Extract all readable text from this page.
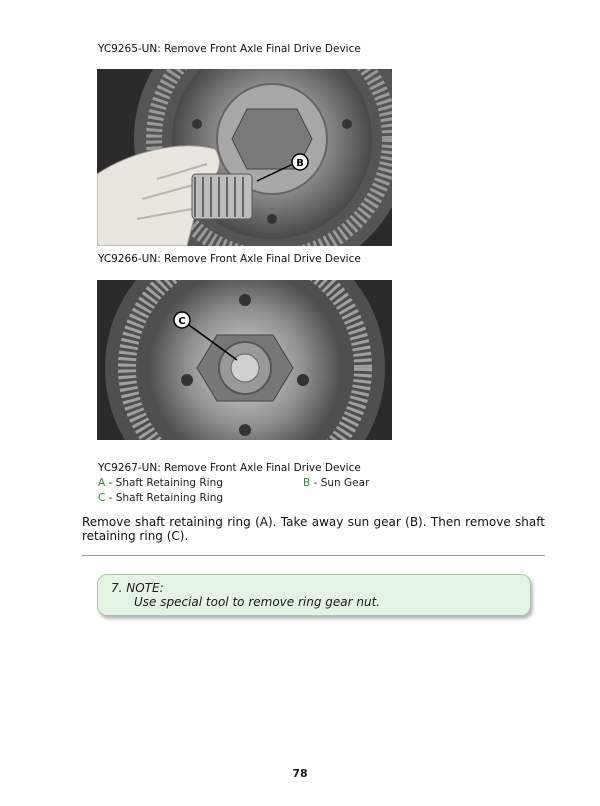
YC9265-UN: Remove Front Axle Final Drive Device
B
YC9266-UN: Remove Front Axle Final Drive Device
C
YC9267-UN: Remove Front Axle Final Drive Device
A - Shaft Retaining Ring	B - Sun Gear
C - Shaft Retaining Ring
Remove shaft retaining ring (A). Take away sun gear (B). Then remove shaft retaining ring (C).
7. NOTE:
Use special tool to remove ring gear nut.
78
